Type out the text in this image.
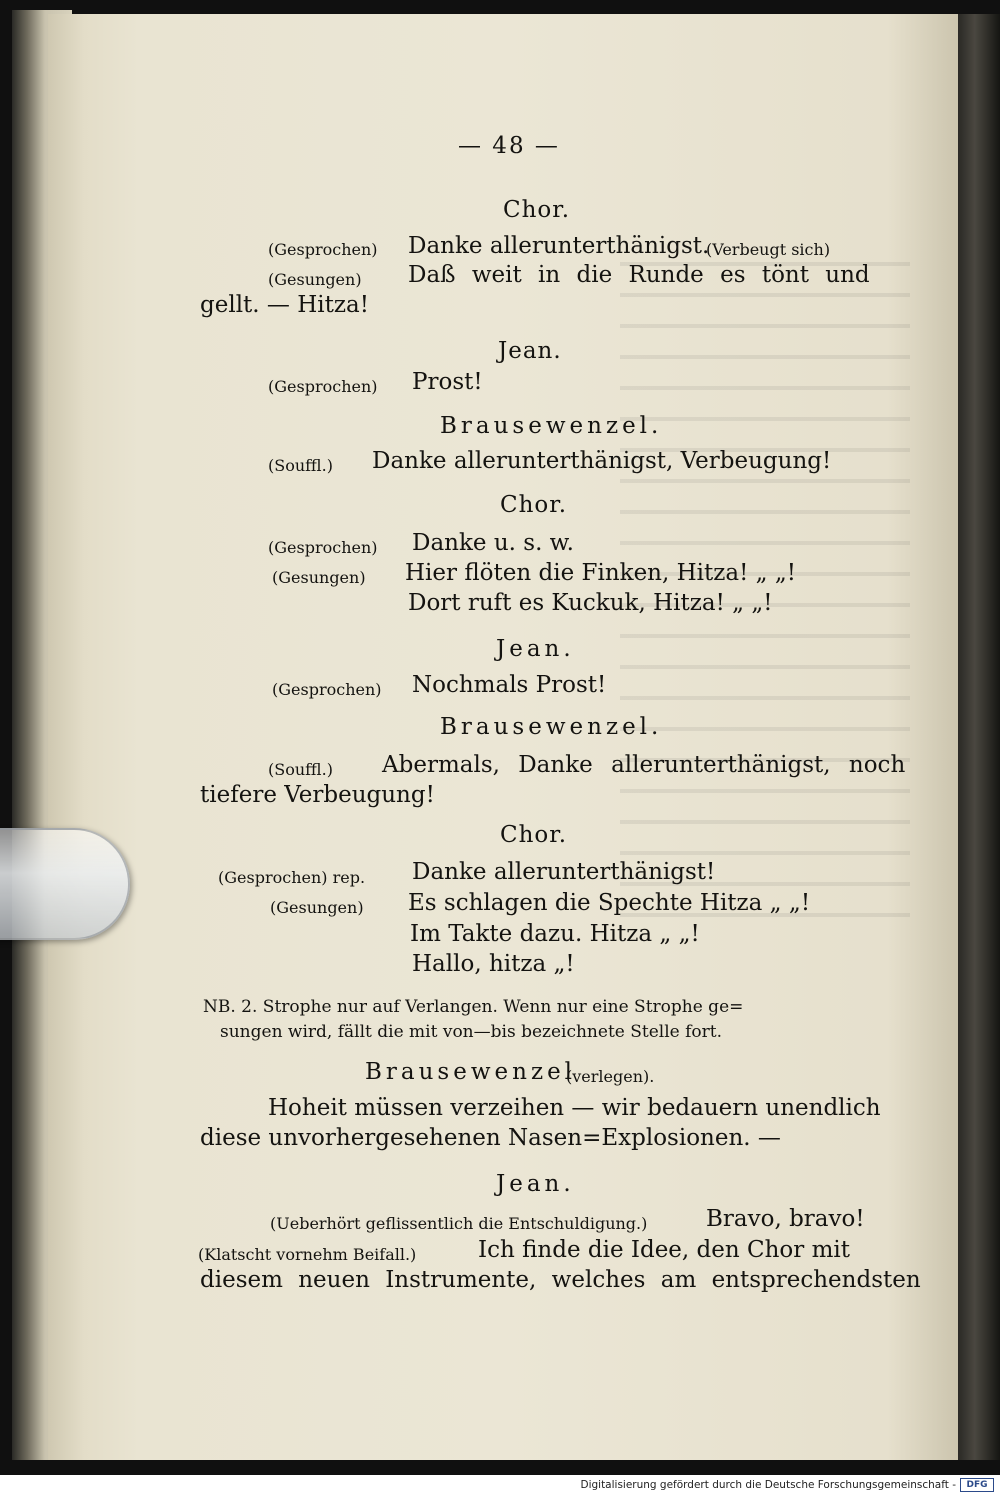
— 48 —
Chor.
(Gesprochen) Danke allerunterthänigst.
(Verbeugt sich)
(Gesungen) Daß weit in die Runde es tönt und
gellt. — Hitza!
Jean.
(Gesprochen) Prost!
Brausewenzel.
(Souffl.) Danke allerunterthänigst, Verbeugung!
Chor.
(Gesprochen) Danke u. s. w.
(Gesungen) Hier flöten die Finken, Hitza! „ „!
Dort ruft es Kuckuk, Hitza! „ „!
Jean.
(Gesprochen) Nochmals Prost!
Brausewenzel.
(Souffl.) Abermals, Danke allerunterthänigst, noch
tiefere Verbeugung!
Chor.
(Gesprochen) rep. Danke allerunterthänigst!
(Gesungen) Es schlagen die Spechte Hitza „ „!
Im Takte dazu. Hitza „ „!
Hallo, hitza „!
NB. 2. Strophe nur auf Verlangen. Wenn nur eine Strophe ge=
sungen wird, fällt die mit von—bis bezeichnete Stelle fort.
Brausewenzel
(verlegen).
Hoheit müssen verzeihen — wir bedauern unendlich
diese unvorhergesehenen Nasen=Explosionen. —
Jean.
(Ueberhört geflissentlich die Entschuldigung.)	Bravo, bravo!
(Klatscht vornehm Beifall.)	Ich finde die Idee, den Chor mit
diesem neuen Instrumente, welches am entsprechendsten
Digitalisierung gefördert durch die Deutsche Forschungsgemeinschaft -	DFG
